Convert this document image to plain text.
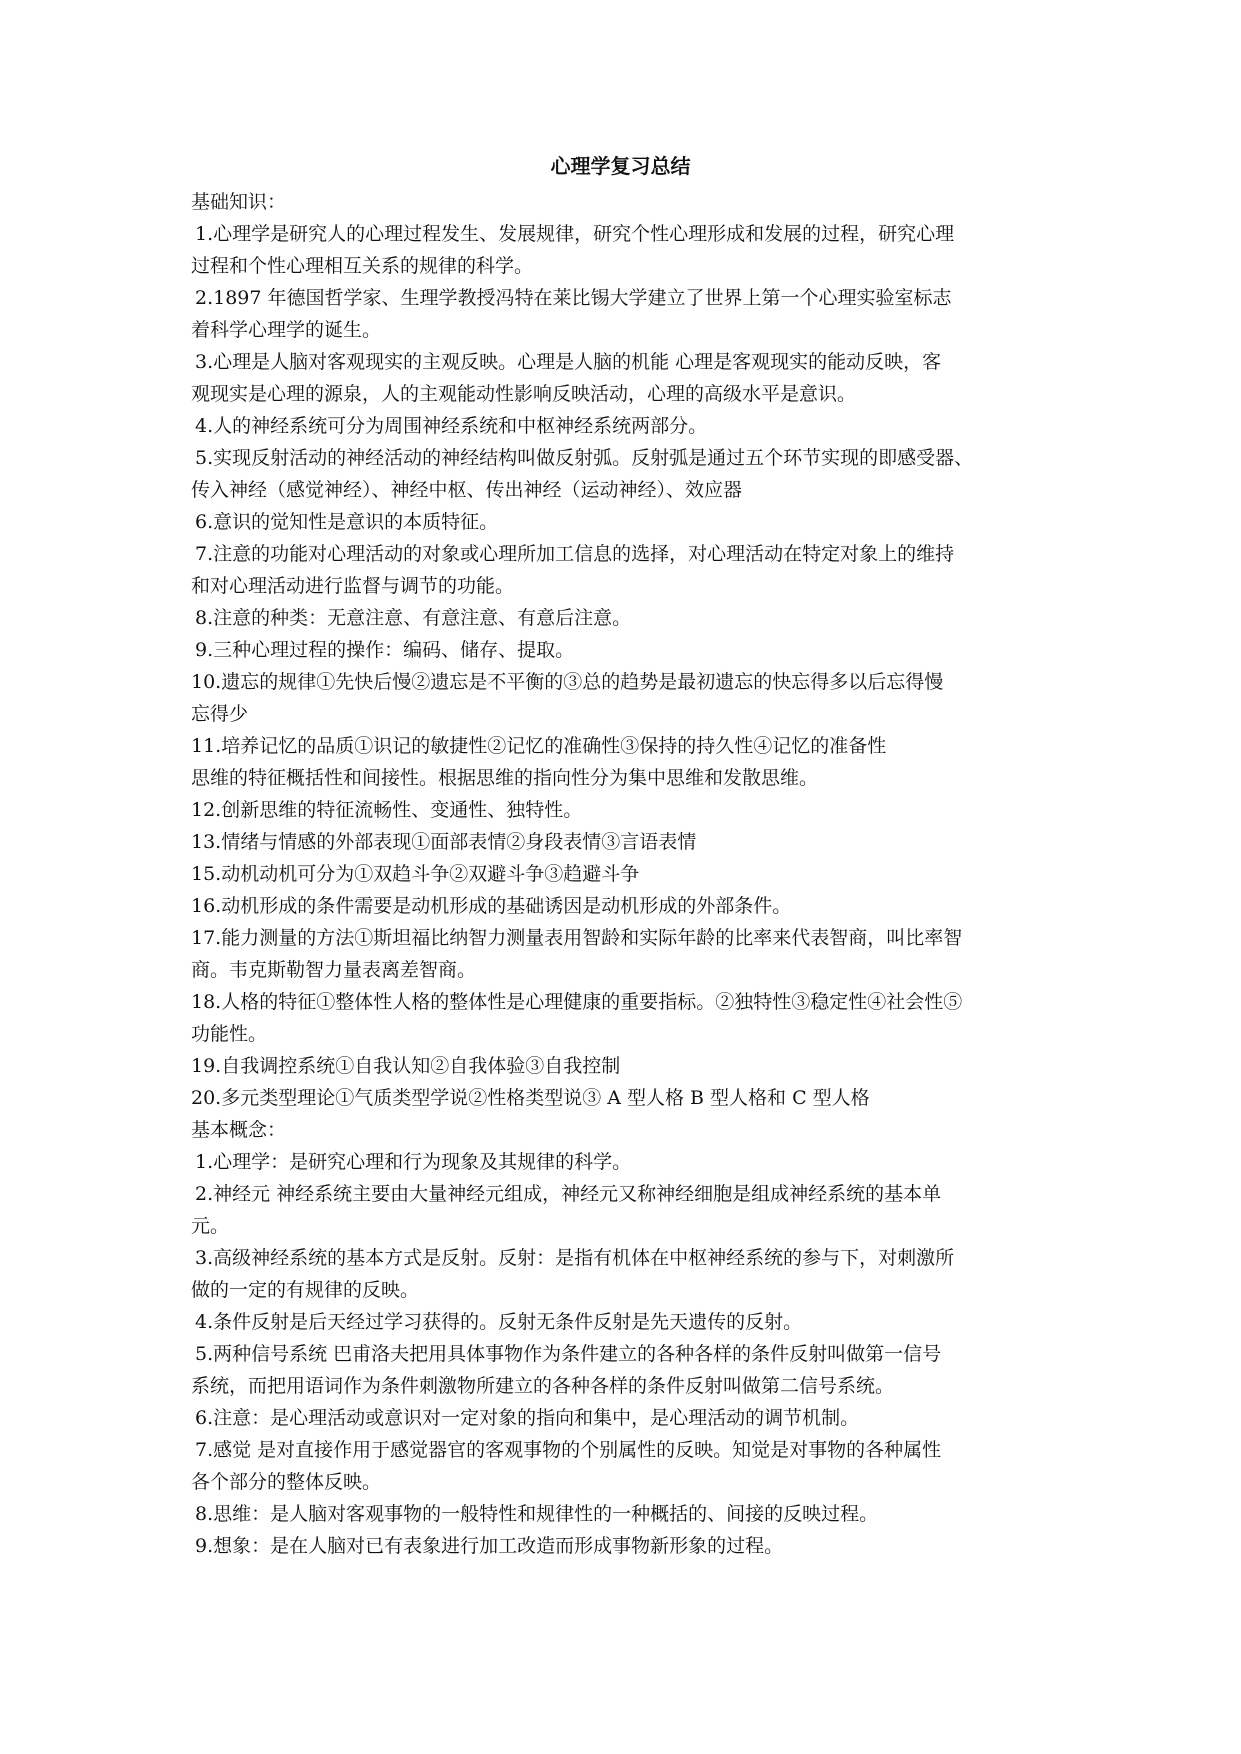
心理学复习总结
基础知识：
1.心理学是研究人的心理过程发生、发展规律，研究个性心理形成和发展的过程，研究心理
过程和个性心理相互关系的规律的科学。
2.1897 年德国哲学家、生理学教授冯特在莱比锡大学建立了世界上第一个心理实验室标志
着科学心理学的诞生。
3.心理是人脑对客观现实的主观反映。心理是人脑的机能 心理是客观现实的能动反映，客
观现实是心理的源泉，人的主观能动性影响反映活动，心理的高级水平是意识。
4.人的神经系统可分为周围神经系统和中枢神经系统两部分。
5.实现反射活动的神经活动的神经结构叫做反射弧。反射弧是通过五个环节实现的即感受器、
传入神经（感觉神经）、神经中枢、传出神经（运动神经）、效应器
6.意识的觉知性是意识的本质特征。
7.注意的功能对心理活动的对象或心理所加工信息的选择，对心理活动在特定对象上的维持
和对心理活动进行监督与调节的功能。
8.注意的种类：无意注意、有意注意、有意后注意。
9.三种心理过程的操作：编码、储存、提取。
10.遗忘的规律①先快后慢②遗忘是不平衡的③总的趋势是最初遗忘的快忘得多以后忘得慢
忘得少
11.培养记忆的品质①识记的敏捷性②记忆的准确性③保持的持久性④记忆的准备性
思维的特征概括性和间接性。根据思维的指向性分为集中思维和发散思维。
12.创新思维的特征流畅性、变通性、独特性。
13.情绪与情感的外部表现①面部表情②身段表情③言语表情
15.动机动机可分为①双趋斗争②双避斗争③趋避斗争
16.动机形成的条件需要是动机形成的基础诱因是动机形成的外部条件。
17.能力测量的方法①斯坦福比纳智力测量表用智龄和实际年龄的比率来代表智商，叫比率智
商。韦克斯勒智力量表离差智商。
18.人格的特征①整体性人格的整体性是心理健康的重要指标。②独特性③稳定性④社会性⑤
功能性。
19.自我调控系统①自我认知②自我体验③自我控制
20.多元类型理论①气质类型学说②性格类型说③ A 型人格 B 型人格和 C 型人格
基本概念：
1.心理学：是研究心理和行为现象及其规律的科学。
2.神经元 神经系统主要由大量神经元组成，神经元又称神经细胞是组成神经系统的基本单
元。
3.高级神经系统的基本方式是反射。反射：是指有机体在中枢神经系统的参与下，对刺激所
做的一定的有规律的反映。
4.条件反射是后天经过学习获得的。反射无条件反射是先天遗传的反射。
5.两种信号系统 巴甫洛夫把用具体事物作为条件建立的各种各样的条件反射叫做第一信号
系统，而把用语词作为条件刺激物所建立的各种各样的条件反射叫做第二信号系统。
6.注意：是心理活动或意识对一定对象的指向和集中，是心理活动的调节机制。
7.感觉 是对直接作用于感觉器官的客观事物的个别属性的反映。知觉是对事物的各种属性
各个部分的整体反映。
8.思维：是人脑对客观事物的一般特性和规律性的一种概括的、间接的反映过程。
9.想象：是在人脑对已有表象进行加工改造而形成事物新形象的过程。
